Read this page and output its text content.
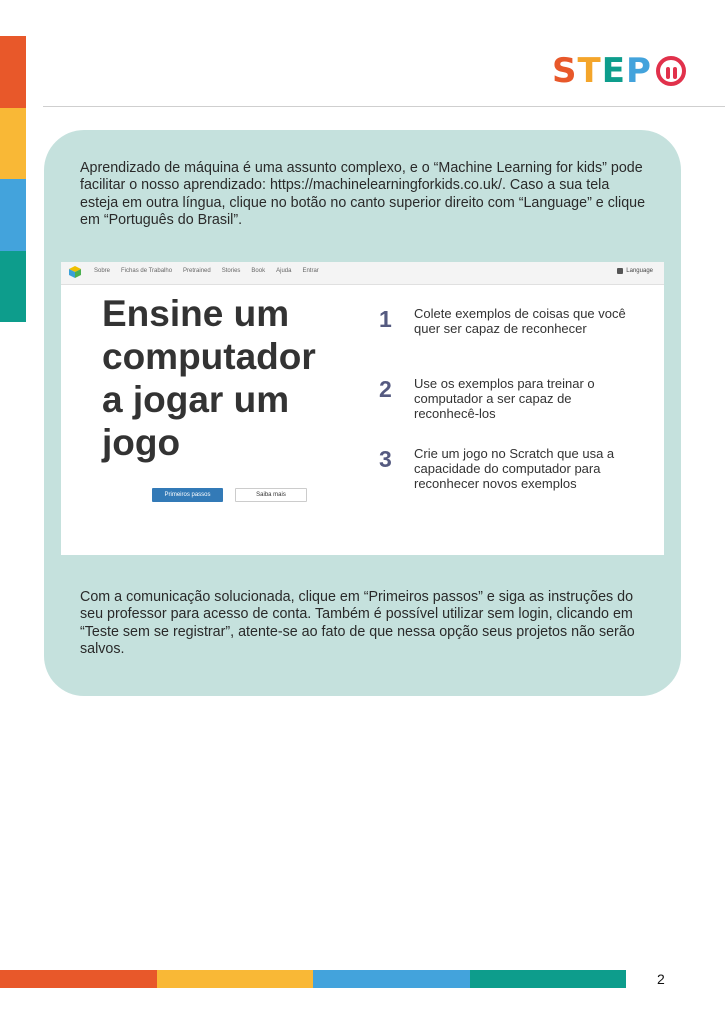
STEP

Aprendizado de máquina é uma assunto complexo, e o “Machine Learning for kids” pode facilitar o nosso aprendizado: https://machinelearningforkids.co.uk/. Caso a sua tela esteja em outra língua, clique no botão no canto superior direito com “Language” e clique em “Português do Brasil”.

Sobre Fichas de Trabalho Pretrained Stories Book Ajuda Entrar	Language
Ensine um computador a jogar um jogo
Primeiros passos	Saiba mais
1 Colete exemplos de coisas que você quer ser capaz de reconhecer
2 Use os exemplos para treinar o computador a ser capaz de reconhecê-los
3 Crie um jogo no Scratch que usa a capacidade do computador para reconhecer novos exemplos

Com a comunicação solucionada, clique em “Primeiros passos” e siga as instruções do seu professor para acesso de conta. Também é possível utilizar sem login, clicando em “Teste sem se registrar”, atente-se ao fato de que nessa opção seus projetos não serão salvos.

2
